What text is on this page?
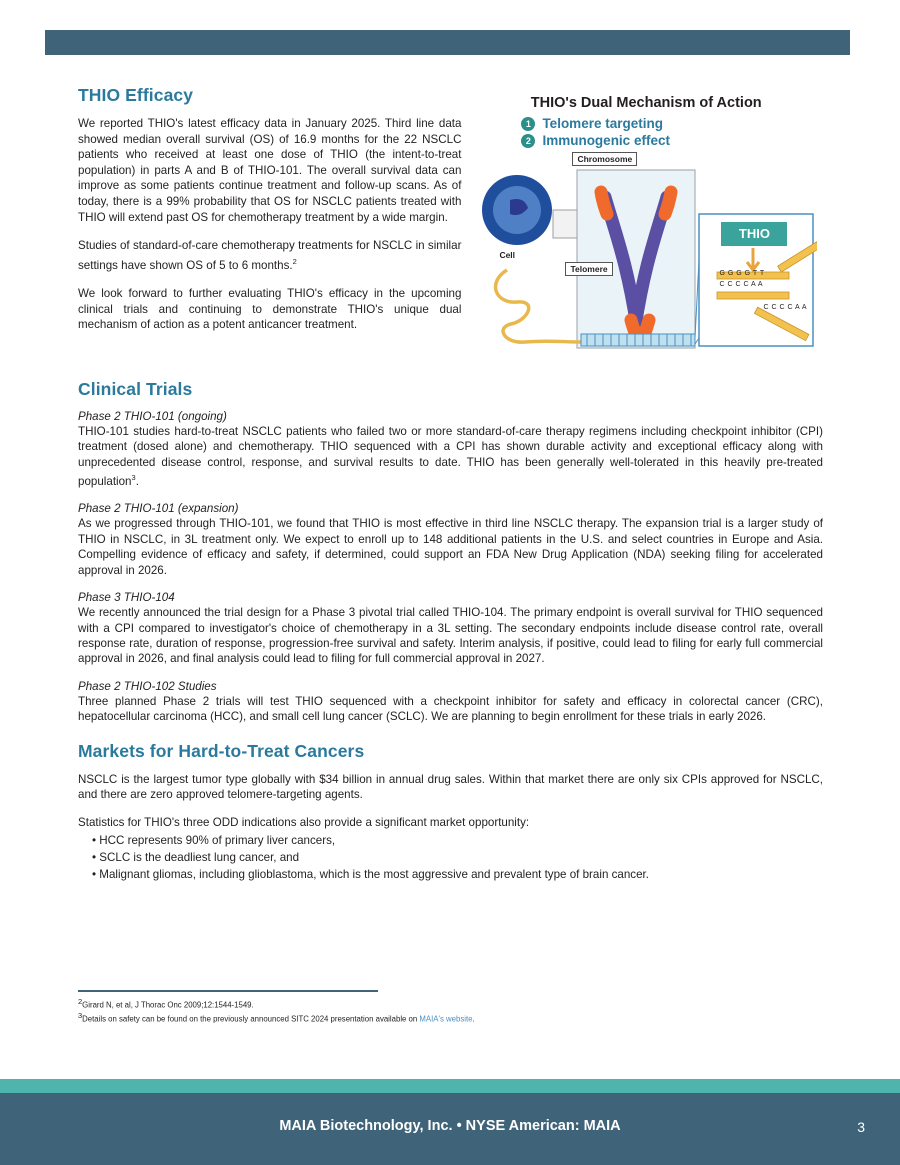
THIO Efficacy

We reported THIO's latest efficacy data in January 2025. Third line data showed median overall survival (OS) of 16.9 months for the 22 NSCLC patients who received at least one dose of THIO (the intent-to-treat population) in parts A and B of THIO-101. The overall survival data can improve as some patients continue treatment and follow-up scans. As of today, there is a 99% probability that OS for NSCLC patients treated with THIO will extend past OS for chemotherapy treatment by a wide margin.

Studies of standard-of-care chemotherapy treatments for NSCLC in similar settings have shown OS of 5 to 6 months.$^2$

We look forward to further evaluating THIO's efficacy in the upcoming clinical trials and continuing to demonstrate THIO's unique dual mechanism of action as a potent anticancer treatment.

THIO's Dual Mechanism of Action
1 Telomere targeting
2 Immunogenic effect
Chromosome
Cell
Telomere
THIO
G G G G T T
C C C C A A
C C C C A A
Clinical Trials
Phase 2 THIO-101 (ongoing)

THIO-101 studies hard-to-treat NSCLC patients who failed two or more standard-of-care therapy regimens including checkpoint inhibitor (CPI) treatment (dosed alone) and chemotherapy. THIO sequenced with a CPI has shown durable activity and exceptional efficacy along with unprecedented disease control, response, and survival results to date. THIO has been generally well-tolerated in this heavily pre-treated population$^3$.

Phase 2 THIO-101 (expansion)

As we progressed through THIO-101, we found that THIO is most effective in third line NSCLC therapy. The expansion trial is a larger study of THIO in NSCLC, in 3L treatment only. We expect to enroll up to 148 additional patients in the U.S. and select countries in Europe and Asia. Compelling evidence of efficacy and safety, if determined, could support an FDA New Drug Application (NDA) seeking filing for accelerated approval in 2026.

Phase 3 THIO-104

We recently announced the trial design for a Phase 3 pivotal trial called THIO-104. The primary endpoint is overall survival for THIO sequenced with a CPI compared to investigator's choice of chemotherapy in a 3L setting. The secondary endpoints include disease control rate, overall response rate, duration of response, progression-free survival and safety. Interim analysis, if positive, could lead to filing for early full commercial approval in 2026, and final analysis could lead to filing for full commercial approval in 2027.

Phase 2 THIO-102 Studies

Three planned Phase 2 trials will test THIO sequenced with a checkpoint inhibitor for safety and efficacy in colorectal cancer (CRC), hepatocellular carcinoma (HCC), and small cell lung cancer (SCLC). We are planning to begin enrollment for these trials in early 2026.

Markets for Hard-to-Treat Cancers

NSCLC is the largest tumor type globally with $34 billion in annual drug sales. Within that market there are only six CPIs approved for NSCLC, and there are zero approved telomere-targeting agents.

Statistics for THIO's three ODD indications also provide a significant market opportunity:

• HCC represents 90% of primary liver cancers,
• SCLC is the deadliest lung cancer, and
• Malignant gliomas, including glioblastoma, which is the most aggressive and prevalent type of brain cancer.
$^2$Girard N, et al, J Thorac Onc 2009;12:1544-1549.
$^3$Details on safety can be found on the previously announced SITC 2024 presentation available on MAIA's website.
MAIA Biotechnology, Inc. • NYSE American: MAIA	3
